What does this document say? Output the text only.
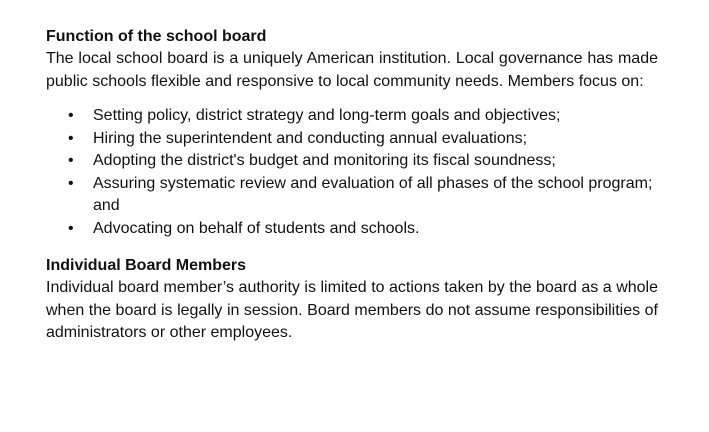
Function of the school board

The local school board is a uniquely American institution. Local governance has made public schools flexible and responsive to local community needs. Members focus on:

• Setting policy, district strategy and long-term goals and objectives;
• Hiring the superintendent and conducting annual evaluations;
• Adopting the district's budget and monitoring its fiscal soundness;
• Assuring systematic review and evaluation of all phases of the school program; and
• Advocating on behalf of students and schools.
Individual Board Members

Individual board member’s authority is limited to actions taken by the board as a whole when the board is legally in session. Board members do not assume responsibilities of administrators or other employees.
